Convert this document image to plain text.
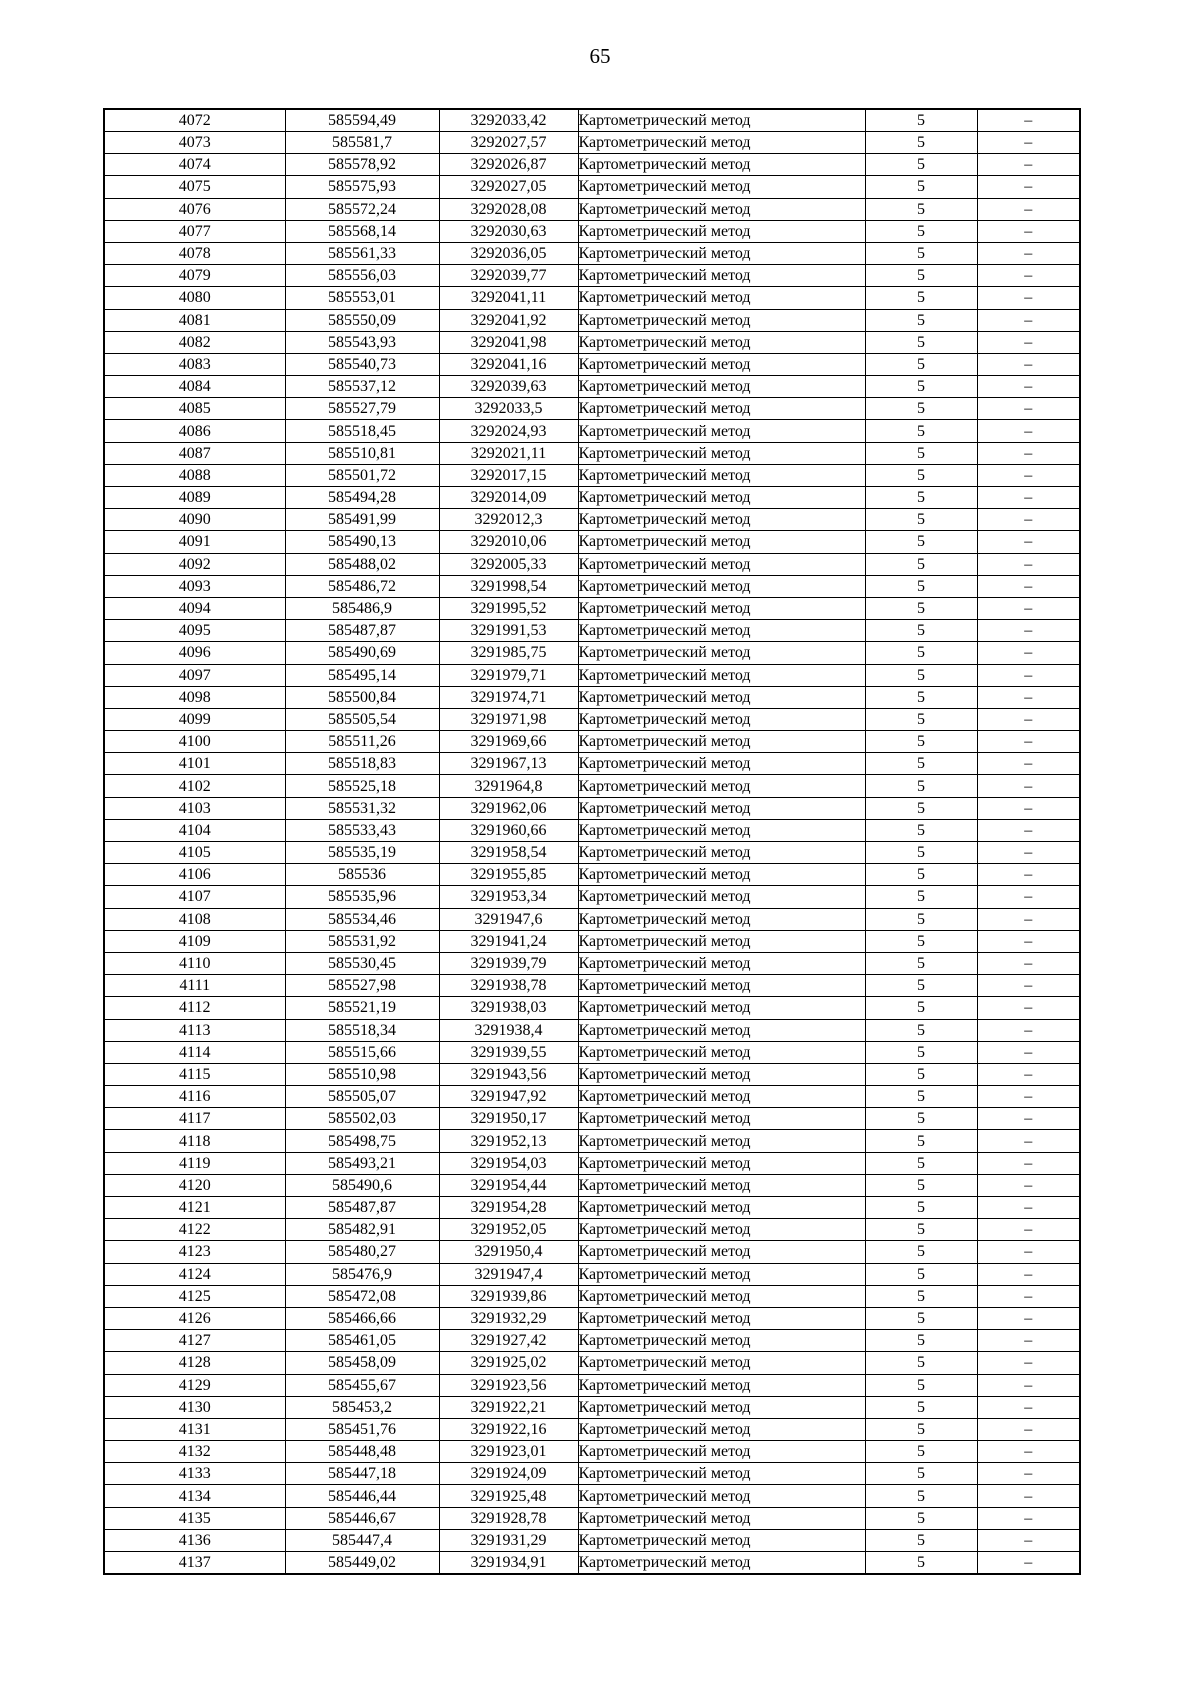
65
4072	585594,49	3292033,42	Картометрический метод	5	–
4073	585581,7	3292027,57	Картометрический метод	5	–
4074	585578,92	3292026,87	Картометрический метод	5	–
4075	585575,93	3292027,05	Картометрический метод	5	–
4076	585572,24	3292028,08	Картометрический метод	5	–
4077	585568,14	3292030,63	Картометрический метод	5	–
4078	585561,33	3292036,05	Картометрический метод	5	–
4079	585556,03	3292039,77	Картометрический метод	5	–
4080	585553,01	3292041,11	Картометрический метод	5	–
4081	585550,09	3292041,92	Картометрический метод	5	–
4082	585543,93	3292041,98	Картометрический метод	5	–
4083	585540,73	3292041,16	Картометрический метод	5	–
4084	585537,12	3292039,63	Картометрический метод	5	–
4085	585527,79	3292033,5	Картометрический метод	5	–
4086	585518,45	3292024,93	Картометрический метод	5	–
4087	585510,81	3292021,11	Картометрический метод	5	–
4088	585501,72	3292017,15	Картометрический метод	5	–
4089	585494,28	3292014,09	Картометрический метод	5	–
4090	585491,99	3292012,3	Картометрический метод	5	–
4091	585490,13	3292010,06	Картометрический метод	5	–
4092	585488,02	3292005,33	Картометрический метод	5	–
4093	585486,72	3291998,54	Картометрический метод	5	–
4094	585486,9	3291995,52	Картометрический метод	5	–
4095	585487,87	3291991,53	Картометрический метод	5	–
4096	585490,69	3291985,75	Картометрический метод	5	–
4097	585495,14	3291979,71	Картометрический метод	5	–
4098	585500,84	3291974,71	Картометрический метод	5	–
4099	585505,54	3291971,98	Картометрический метод	5	–
4100	585511,26	3291969,66	Картометрический метод	5	–
4101	585518,83	3291967,13	Картометрический метод	5	–
4102	585525,18	3291964,8	Картометрический метод	5	–
4103	585531,32	3291962,06	Картометрический метод	5	–
4104	585533,43	3291960,66	Картометрический метод	5	–
4105	585535,19	3291958,54	Картометрический метод	5	–
4106	585536	3291955,85	Картометрический метод	5	–
4107	585535,96	3291953,34	Картометрический метод	5	–
4108	585534,46	3291947,6	Картометрический метод	5	–
4109	585531,92	3291941,24	Картометрический метод	5	–
4110	585530,45	3291939,79	Картометрический метод	5	–
4111	585527,98	3291938,78	Картометрический метод	5	–
4112	585521,19	3291938,03	Картометрический метод	5	–
4113	585518,34	3291938,4	Картометрический метод	5	–
4114	585515,66	3291939,55	Картометрический метод	5	–
4115	585510,98	3291943,56	Картометрический метод	5	–
4116	585505,07	3291947,92	Картометрический метод	5	–
4117	585502,03	3291950,17	Картометрический метод	5	–
4118	585498,75	3291952,13	Картометрический метод	5	–
4119	585493,21	3291954,03	Картометрический метод	5	–
4120	585490,6	3291954,44	Картометрический метод	5	–
4121	585487,87	3291954,28	Картометрический метод	5	–
4122	585482,91	3291952,05	Картометрический метод	5	–
4123	585480,27	3291950,4	Картометрический метод	5	–
4124	585476,9	3291947,4	Картометрический метод	5	–
4125	585472,08	3291939,86	Картометрический метод	5	–
4126	585466,66	3291932,29	Картометрический метод	5	–
4127	585461,05	3291927,42	Картометрический метод	5	–
4128	585458,09	3291925,02	Картометрический метод	5	–
4129	585455,67	3291923,56	Картометрический метод	5	–
4130	585453,2	3291922,21	Картометрический метод	5	–
4131	585451,76	3291922,16	Картометрический метод	5	–
4132	585448,48	3291923,01	Картометрический метод	5	–
4133	585447,18	3291924,09	Картометрический метод	5	–
4134	585446,44	3291925,48	Картометрический метод	5	–
4135	585446,67	3291928,78	Картометрический метод	5	–
4136	585447,4	3291931,29	Картометрический метод	5	–
4137	585449,02	3291934,91	Картометрический метод	5	–
